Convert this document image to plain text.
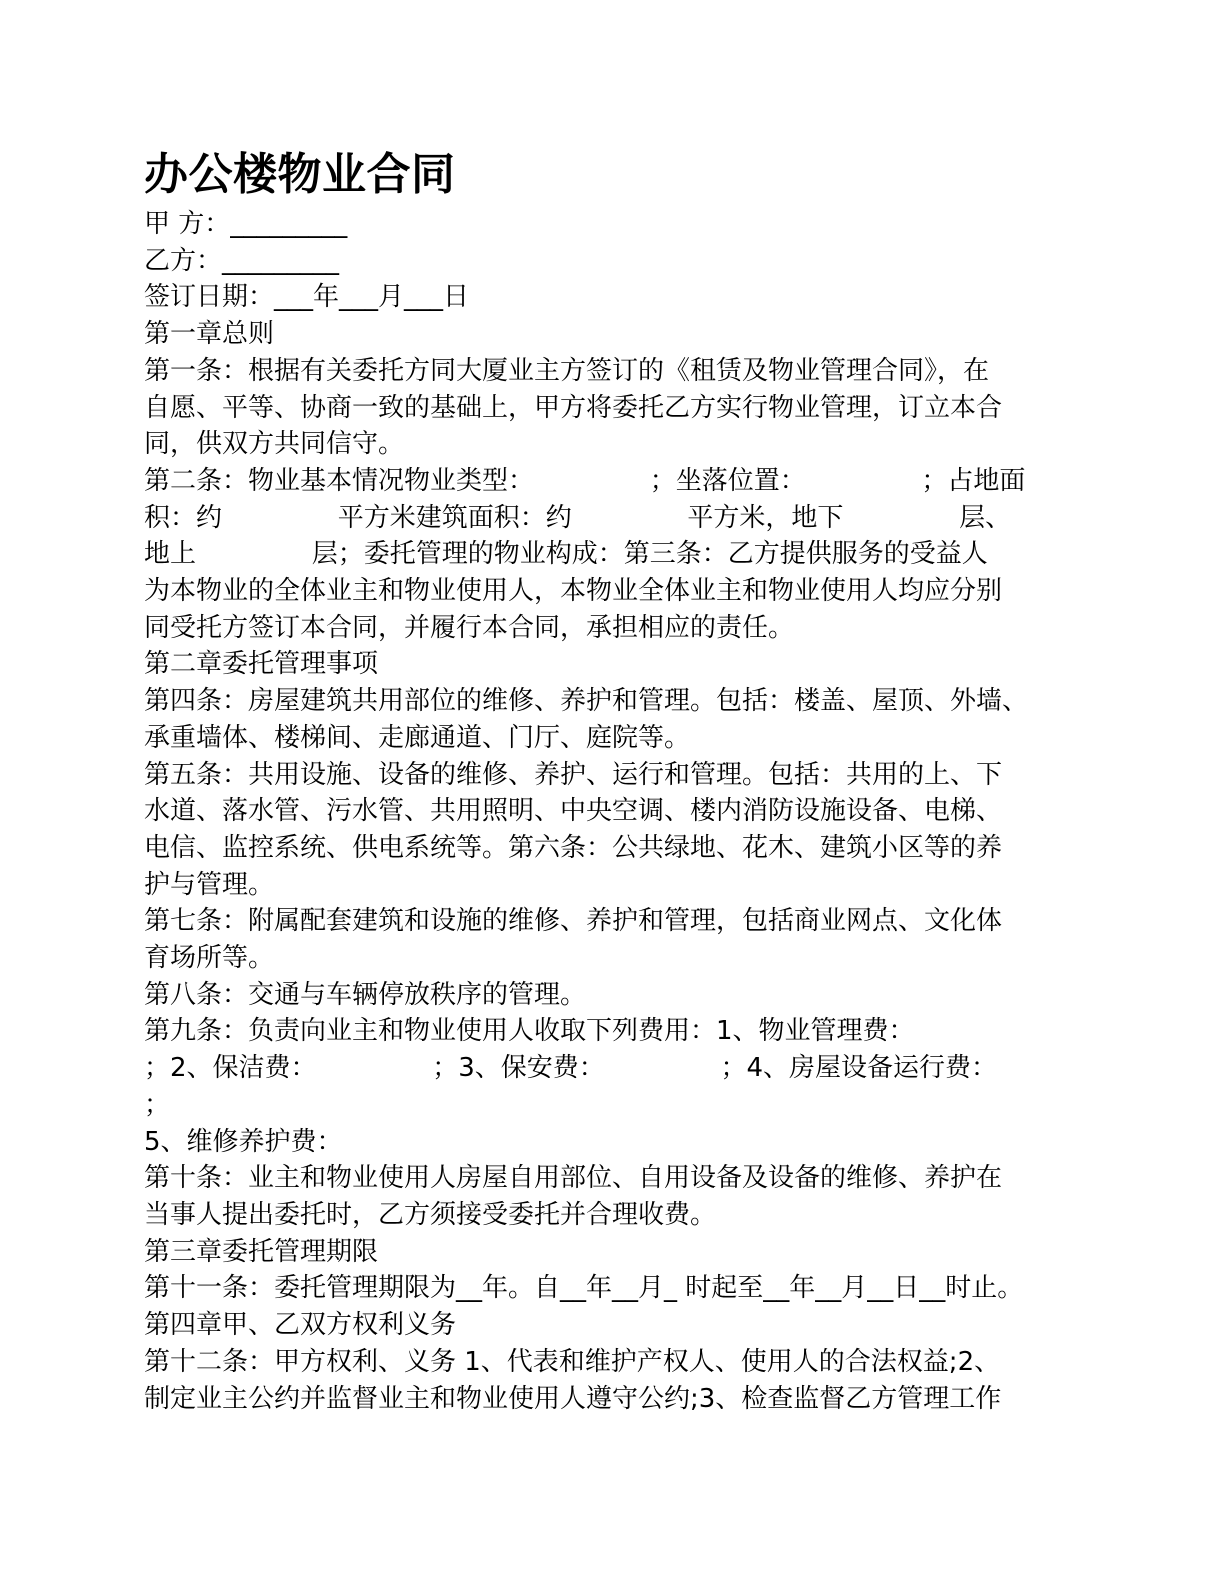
办公楼物业合同

甲 方：_________

乙方：_________

签订日期：___年___月___日

第一章总则

第一条：根据有关委托方同大厦业主方签订的《租赁及物业管理合同》，在

自愿、平等、协商一致的基础上，甲方将委托乙方实行物业管理，订立本合

同，供双方共同信守。

第二条：物业基本情况物业类型：              ；坐落位置：              ；占地面

积：约              平方米建筑面积：约              平方米，地下              层、

地上              层；委托管理的物业构成：第三条：乙方提供服务的受益人

为本物业的全体业主和物业使用人，本物业全体业主和物业使用人均应分别

同受托方签订本合同，并履行本合同，承担相应的责任。

第二章委托管理事项

第四条：房屋建筑共用部位的维修、养护和管理。包括：楼盖、屋顶、外墙、

承重墙体、楼梯间、走廊通道、门厅、庭院等。

第五条：共用设施、设备的维修、养护、运行和管理。包括：共用的上、下

水道、落水管、污水管、共用照明、中央空调、楼内消防设施设备、电梯、

电信、监控系统、供电系统等。第六条：公共绿地、花木、建筑小区等的养

护与管理。

第七条：附属配套建筑和设施的维修、养护和管理，包括商业网点、文化体

育场所等。

第八条：交通与车辆停放秩序的管理。

第九条：负责向业主和物业使用人收取下列费用：1、物业管理费：

；2、保洁费：              ；3、保安费：              ；4、房屋设备运行费：

；

5、维修养护费：

第十条：业主和物业使用人房屋自用部位、自用设备及设备的维修、养护在

当事人提出委托时，乙方须接受委托并合理收费。

第三章委托管理期限

第十一条：委托管理期限为__年。自__年__月_ 时起至__年__月__日__时止。

第四章甲、乙双方权利义务

第十二条：甲方权利、义务 1、代表和维护产权人、使用人的合法权益;2、

制定业主公约并监督业主和物业使用人遵守公约;3、检查监督乙方管理工作
